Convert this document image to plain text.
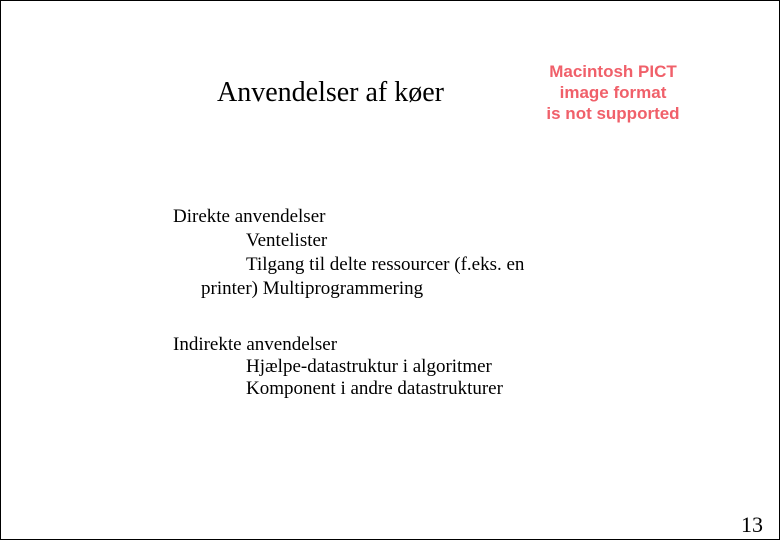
Anvendelser af køer
Macintosh PICT
image format
is not supported
Direkte anvendelser
Ventelister
Tilgang til delte ressourcer (f.eks. en
printer) Multiprogrammering
Indirekte anvendelser
Hjælpe-datastruktur i algoritmer
Komponent i andre datastrukturer
13
